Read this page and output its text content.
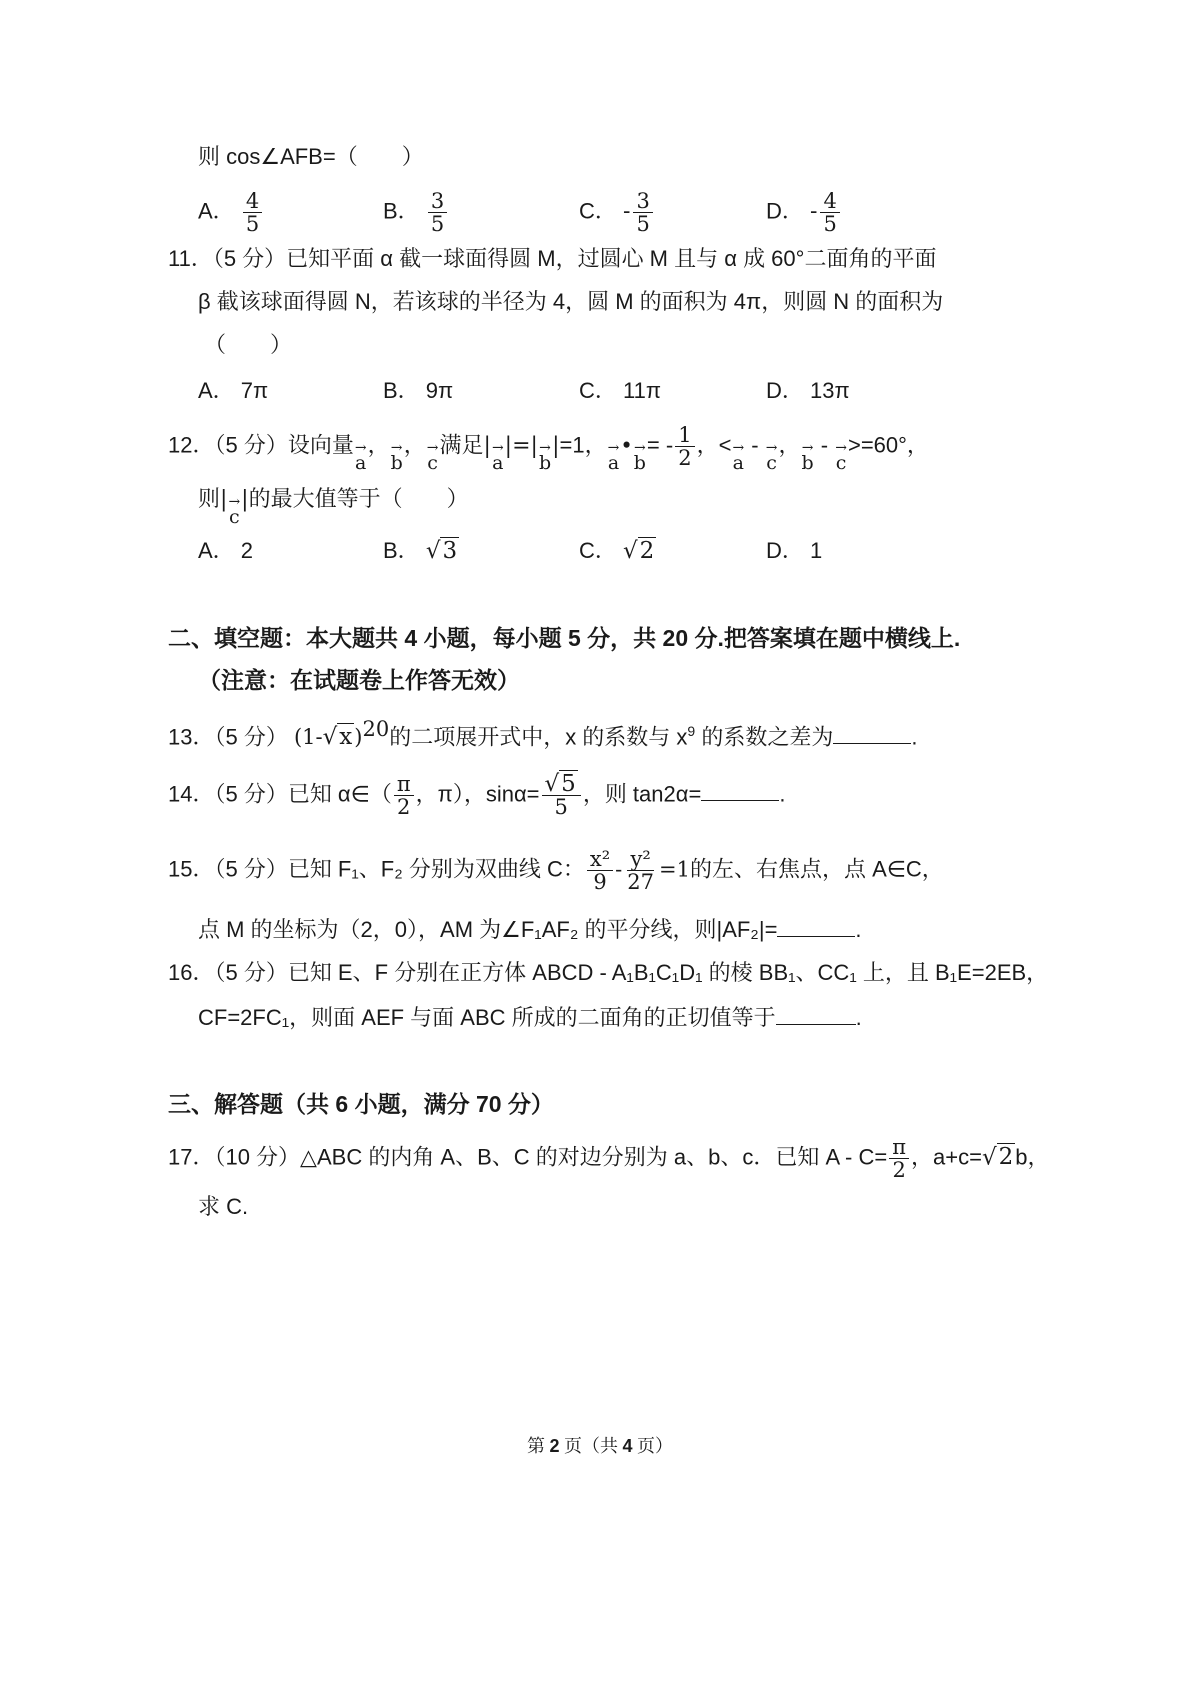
则 cos∠AFB=（　　）
A． $\frac{4}{5}$	B． $\frac{3}{5}$	C． - $\frac{3}{5}$	D． - $\frac{4}{5}$
11．（5 分）已知平面 α 截一球面得圆 M，过圆心 M 且与 α 成 60°二面角的平面
β 截该球面得圆 N，若该球的半径为 4，圆 M 的面积为 4π，则圆 N 的面积为
（　　）
A． 7π	B． 9π	C． 11π	D． 13π
12．（5 分）设向量 →
a
， →
b
， →
c
满足| →
a
|=| →
b
|=1， →
a
• →
b
= - $\frac{1}{2}$ ，< →
a
- →
c
， →
b
- →
c
>=60°，
则| →
c
|的最大值等于（　　）
A． 2	B． √3	C． √2	D． 1
二、填空题：本大题共 4 小题，每小题 5 分，共 20 分.把答案填在题中横线上.
（注意：在试题卷上作答无效）
13．（5 分） $(1-√x)^{20}$的二项展开式中，x 的系数与 $x^9$ 的系数之差为	.
14．（5 分）已知 α∈（ $\frac{\pi}{2}$ ，π），$\sin\alpha= \frac{√5}{5}$ ，则 tan2α=	.
15．（5 分）已知 F₁、F₂ 分别为双曲线 C： $\frac{\text{x²}}{9} - \frac{\text{y²}}{27} =1$的左、右焦点，点 A∈C，
点 M 的坐标为（2，0），AM 为∠F₁AF₂ 的平分线，则|AF₂|=	.
16．（5 分）已知 E、F 分别在正方体 ABCD - A₁B₁C₁D₁ 的棱 BB₁、CC₁ 上，且 B₁E=2EB，
CF=2FC₁，则面 AEF 与面 ABC 所成的二面角的正切值等于	.
三、解答题（共 6 小题，满分 70 分）
17．（10 分）△ABC 的内角 A、B、C 的对边分别为 a、b、c．已知 $A - C= \frac{\pi}{2}$ ，a+c=√2b，
求 C.
第 2 页（共 4 页）
